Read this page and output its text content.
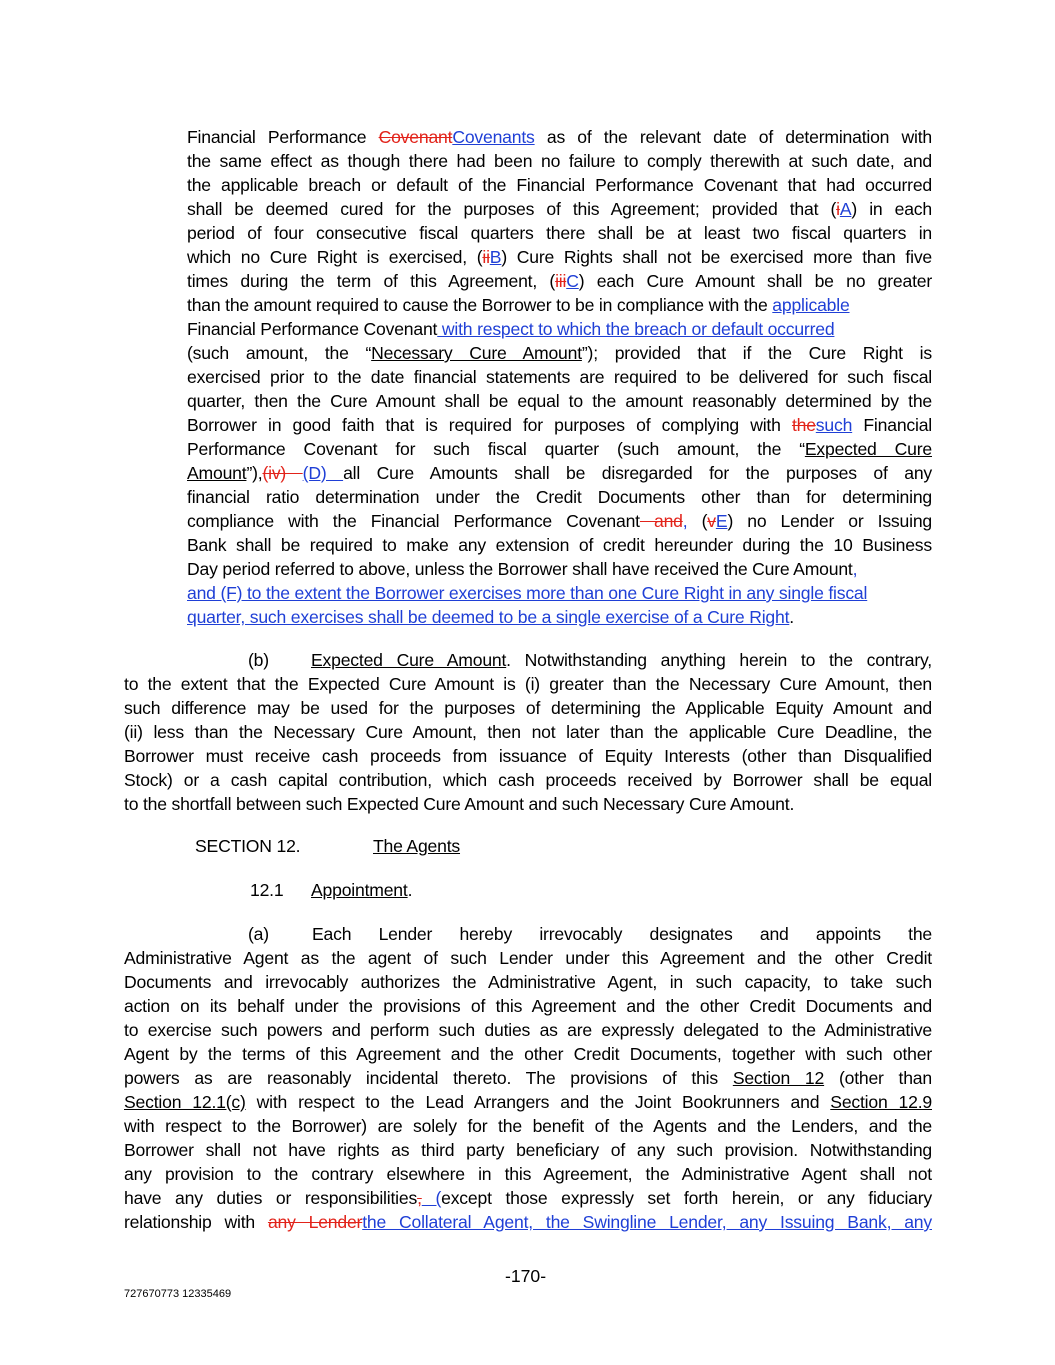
Financial Performance CovenantCovenants as of the relevant date of determination with
the same effect as though there had been no failure to comply therewith at such date, and
the applicable breach or default of the Financial Performance Covenant that had occurred
shall be deemed cured for the purposes of this Agreement; provided that (iA) in each
period of four consecutive fiscal quarters there shall be at least two fiscal quarters in
which no Cure Right is exercised, (iiB) Cure Rights shall not be exercised more than five
times during the term of this Agreement, (iiiC) each Cure Amount shall be no greater
than the amount required to cause the Borrower to be in compliance with the applicable
Financial Performance Covenant with respect to which the breach or default occurred
(such amount, the “Necessary Cure Amount”); provided that if the Cure Right is
exercised prior to the date financial statements are required to be delivered for such fiscal
quarter, then the Cure Amount shall be equal to the amount reasonably determined by the
Borrower in good faith that is required for purposes of complying with thesuch Financial
Performance Covenant for such fiscal quarter (such amount, the “Expected Cure
Amount”),(iv) (D) all Cure Amounts shall be disregarded for the purposes of any
financial ratio determination under the Credit Documents other than for determining
compliance with the Financial Performance Covenant and, (vE) no Lender or Issuing
Bank shall be required to make any extension of credit hereunder during the 10 Business
Day period referred to above, unless the Borrower shall have received the Cure Amount,
and (F) to the extent the Borrower exercises more than one Cure Right in any single fiscal
quarter, such exercises shall be deemed to be a single exercise of a Cure Right.
(b) Expected Cure Amount. Notwithstanding anything herein to the contrary,
to the extent that the Expected Cure Amount is (i) greater than the Necessary Cure Amount, then
such difference may be used for the purposes of determining the Applicable Equity Amount and
(ii) less than the Necessary Cure Amount, then not later than the applicable Cure Deadline, the
Borrower must receive cash proceeds from issuance of Equity Interests (other than Disqualified
Stock) or a cash capital contribution, which cash proceeds received by Borrower shall be equal
to the shortfall between such Expected Cure Amount and such Necessary Cure Amount.
SECTION 12.	The Agents
12.1 Appointment.
(a) Each Lender hereby irrevocably designates and appoints the
Administrative Agent as the agent of such Lender under this Agreement and the other Credit
Documents and irrevocably authorizes the Administrative Agent, in such capacity, to take such
action on its behalf under the provisions of this Agreement and the other Credit Documents and
to exercise such powers and perform such duties as are expressly delegated to the Administrative
Agent by the terms of this Agreement and the other Credit Documents, together with such other
powers as are reasonably incidental thereto. The provisions of this Section 12 (other than
Section 12.1(c) with respect to the Lead Arrangers and the Joint Bookrunners and Section 12.9
with respect to the Borrower) are solely for the benefit of the Agents and the Lenders, and the
Borrower shall not have rights as third party beneficiary of any such provision. Notwithstanding
any provision to the contrary elsewhere in this Agreement, the Administrative Agent shall not
have any duties or responsibilities, (except those expressly set forth herein, or any fiduciary
relationship with any Lenderthe Collateral Agent, the Swingline Lender, any Issuing Bank, any
-170-
727670773 12335469
